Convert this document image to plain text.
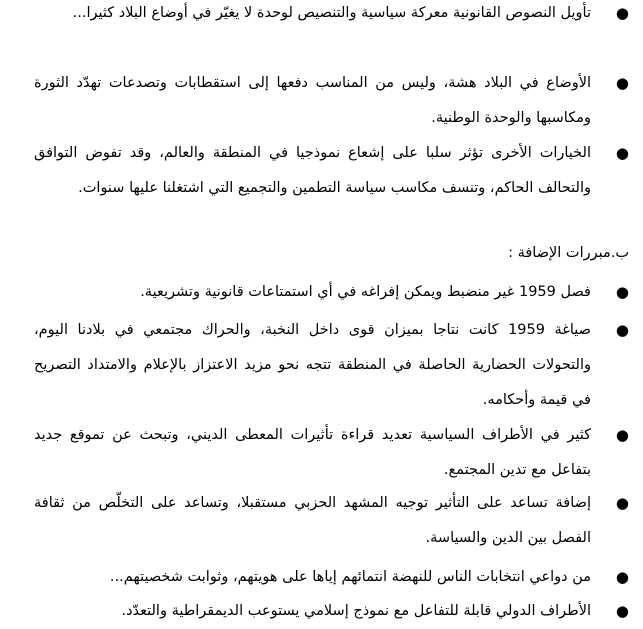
●
تأويل النصوص القانونية معركة سياسية والتنصيص لوحدة لا يغيّر في أوضاع البلاد كثيرا...
●
الأوضاع في البلاد هشة، وليس من المناسب دفعها إلى استقطابات وتصدعات تهدّد الثورة ومكاسبها والوحدة الوطنية.
●
الخيارات الأخرى تؤثر سلبا على إشعاع نموذجيا في المنطقة والعالم، وقد تفوض التوافق والتحالف الحاكم، وتنسف مكاسب سياسة التطمين والتجميع التي اشتغلنا عليها سنوات.
ب.مبررات الإضافة :
●
فصل 1959 غير منضبط ويمكن إفراغه في أي استمتاعات قانونية وتشريعية.
●
صياغة 1959 كانت نتاجا بميزان قوى داخل النخبة، والحراك مجتمعي في بلادنا اليوم، والتحولات الحضارية الحاصلة في المنطقة تتجه نحو مزيد الاعتزاز بالإعلام والامتداد التصريح في قيمة وأحكامه.
●
كثير في الأطراف السياسية تعديد قراءة تأثيرات المعطى الديني، وتبحث عن تموقع جديد بتفاعل مع تدين المجتمع.
●
إضافة تساعد على التأثير توجيه المشهد الحزبي مستقبلا، وتساعد على التخلّص من ثقافة الفصل بين الدين والسياسة.
●
من دواعي انتخابات الناس للنهضة انتمائهم إياها على هويتهم، وثوابت شخصيتهم...
●
الأطراف الدولي قابلة للتفاعل مع نموذج إسلامي يستوعب الديمقراطية والتعدّد.
